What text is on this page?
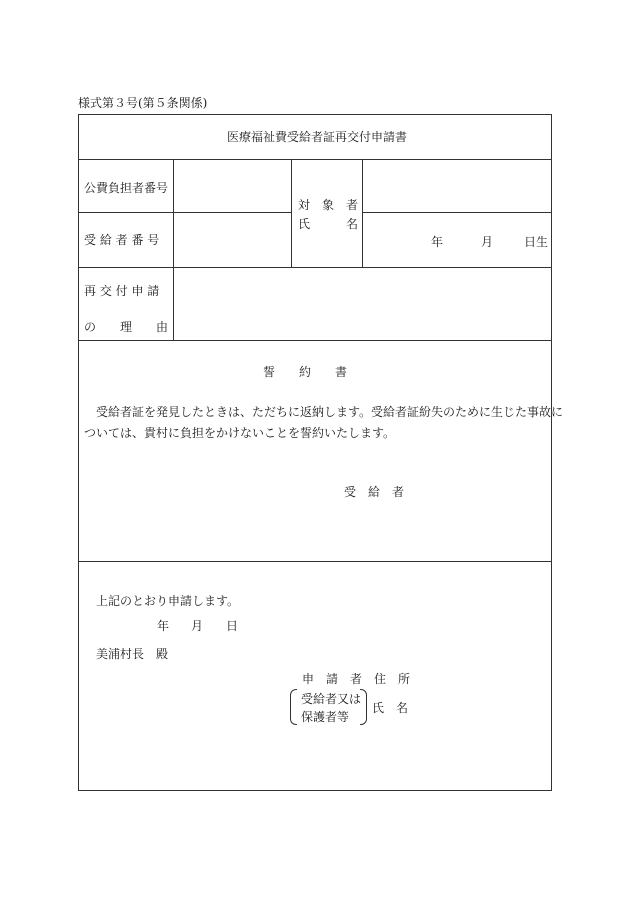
様式第３号(第５条関係)
医療福祉費受給者証再交付申請書
公費負担者番号
受 給 者 番 号
対　象　者
氏　　　名
年	月	日生
再 交 付 申 請
の　　理　　由
誓　　約　　書
受給者証を発見したときは、ただちに返納します。受給者証紛失のために生じた事故に
ついては、貴村に負担をかけないことを誓約いたします。
受　給　者
上記のとおり申請します。
年 月 日
美浦村長　殿
申　請　者　住　所
受給者又は
保護者等
氏　名
